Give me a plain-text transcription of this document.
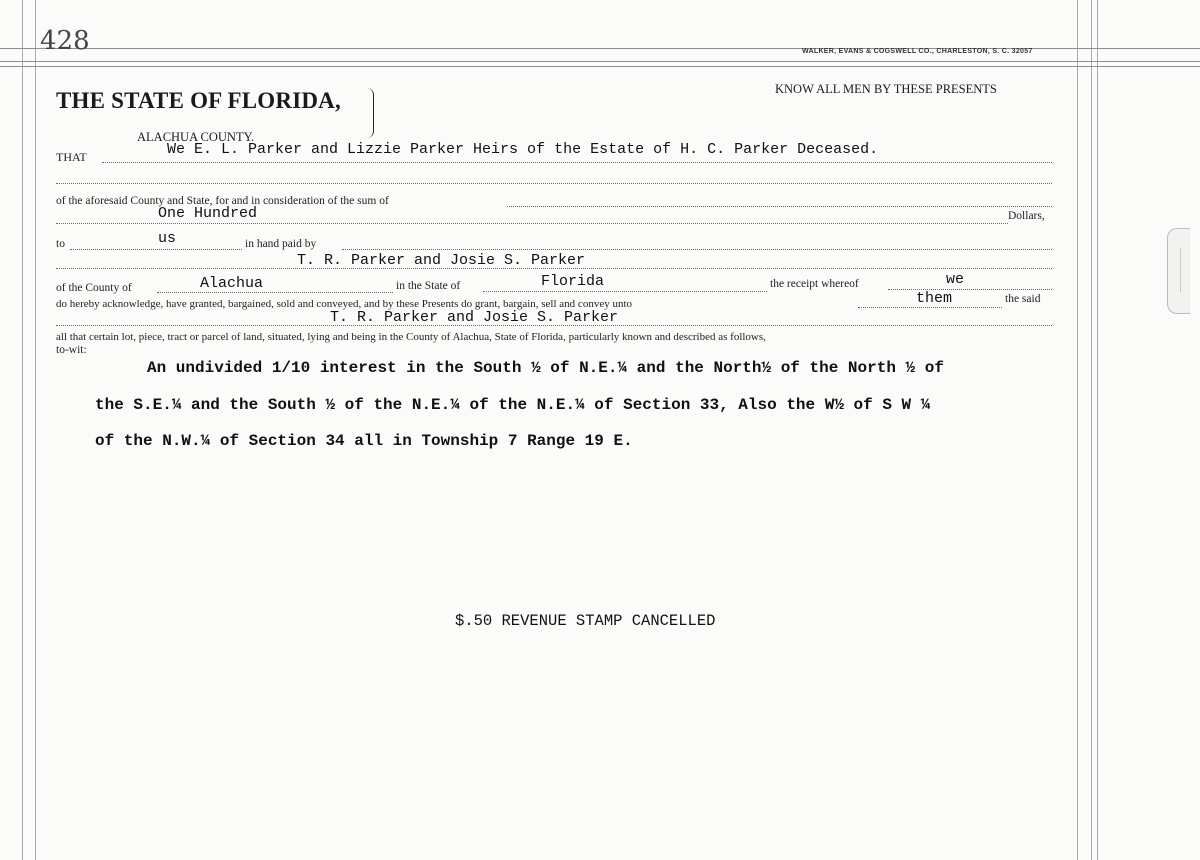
428	WALKER, EVANS & COGSWELL CO., CHARLESTON, S. C. 32057
THE STATE OF FLORIDA,
ALACHUA COUNTY.
KNOW ALL MEN BY THESE PRESENTS
THAT	We E. L. Parker and Lizzie Parker Heirs of the Estate of H. C. Parker Deceased.
of the aforesaid County and State, for and in consideration of the sum of
One Hundred	Dollars,
to	us	in hand paid by
T. R. Parker and Josie S. Parker
of the County of	Alachua	in the State of	Florida	the receipt whereof	we
do hereby acknowledge, have granted, bargained, sold and conveyed, and by these Presents do grant, bargain, sell and convey unto	them	the said
T. R. Parker and Josie S. Parker
all that certain lot, piece, tract or parcel of land, situated, lying and being in the County of Alachua, State of Florida, particularly known and described as follows,
to-wit:
An undivided 1/10 interest in the South ½ of N.E.¼ and the North½ of the North ½ of
the S.E.¼ and the South ½ of the N.E.¼ of the N.E.¼ of Section 33, Also the W½ of S W ¼
of the N.W.¼ of Section 34 all in Township 7 Range 19 E.
$.50 REVENUE STAMP CANCELLED
